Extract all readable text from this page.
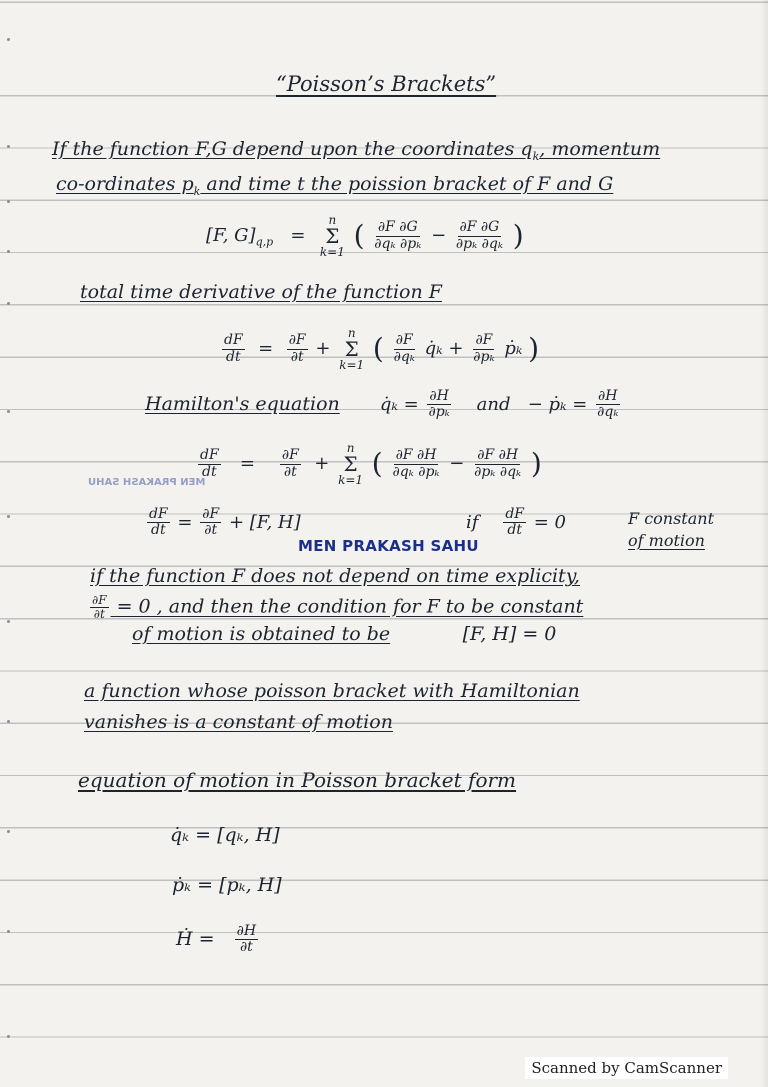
“Poisson’s Brackets”
If the function F,G depend upon the coordinates $q_k$, momentum
co-ordinates $p_k$ and time t the poission bracket of F and G
[F, $G]_{q,p}$ =
n
Σ
k=1 ( $\frac{\partial F \partial G}{\text{∂qₖ ∂pₖ}} - \frac{\partial F \partial G}{\text{∂pₖ ∂qₖ}}$ )
total time derivative of the function F
$\frac{dF}{dt} = \frac{\partial F}{\partial t}$ +
n
Σ
k=1 ( $\frac{\partial F}{\text{∂qₖ}}$ q̇ₖ + $\frac{\partial F}{\text{∂pₖ}}$ ṗₖ )
Hamilton's equation q̇ₖ = $\frac{\partial H}{\text{∂pₖ}}$ and − ṗₖ = $\frac{\partial H}{\text{∂qₖ}}$
$\frac{dF}{dt} = \frac{\partial F}{\partial t}$ +
n
Σ
k=1 ( $\frac{\partial F \partial H}{\text{∂qₖ ∂pₖ}} - \frac{\partial F \partial H}{\text{∂pₖ ∂qₖ}}$ )
MEN PRAKASH SAHU
$\frac{dF}{dt} = \frac{\partial F}{\partial t} + [F$, H]	if $\frac{dF}{dt} = 0$	F constant
of motion
MEN PRAKASH SAHU
if the function F does not depend on time explicity,
$\frac{\partial F}{\partial t} = 0$ , and then the condition for F to be constant
of motion is obtained to be	[F, H] = 0
a function whose poisson bracket with Hamiltonian
vanishes is a constant of motion
equation of motion in Poisson bracket form
q̇ₖ = [qₖ, H]
ṗₖ = [pₖ, H]
Ḣ = $\frac{\partial H}{\partial t}$
Scanned by CamScanner
